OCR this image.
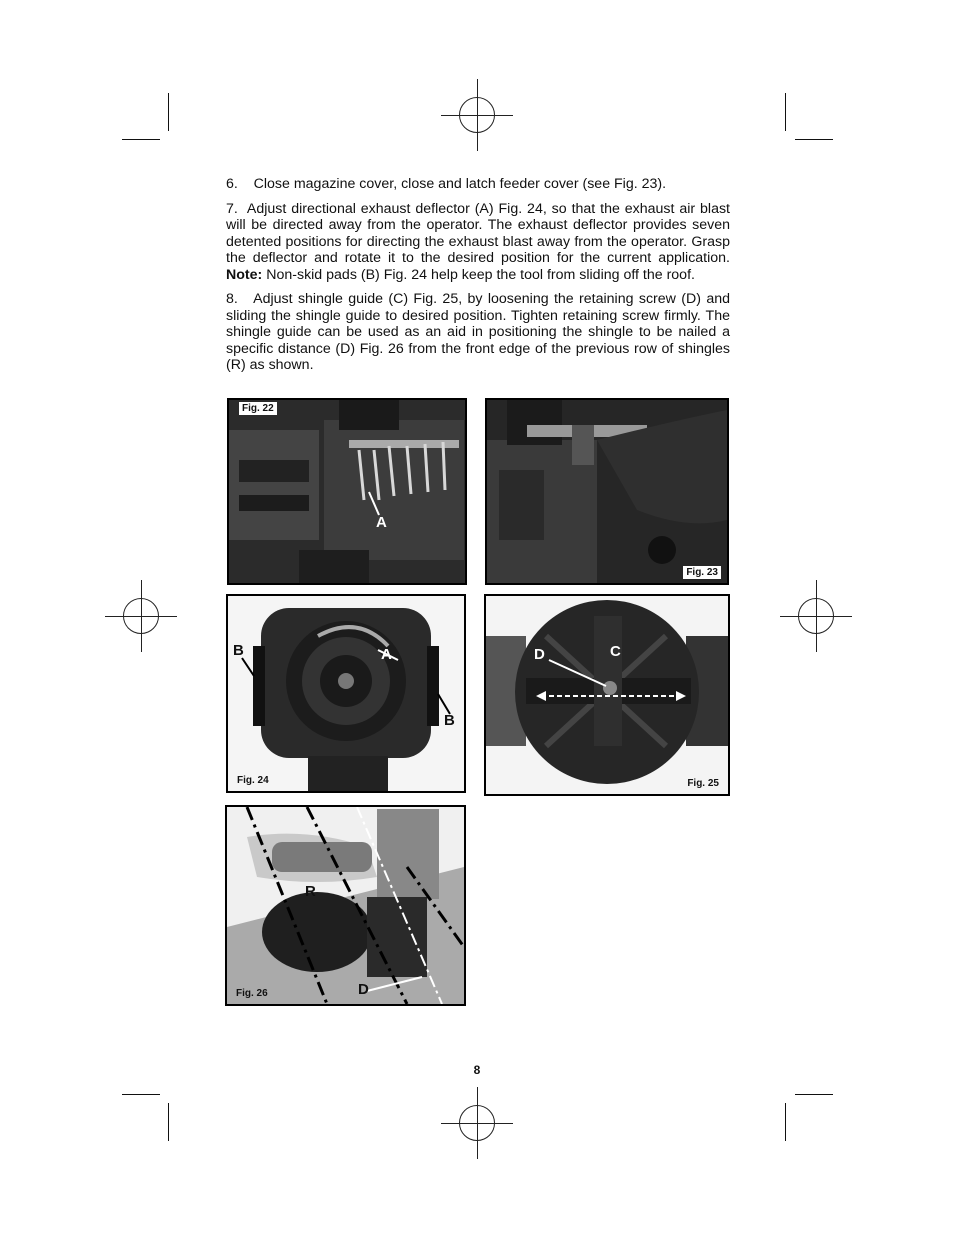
6. Close magazine cover, close and latch feeder cover (see Fig. 23).

7. Adjust directional exhaust deflector (A) Fig. 24, so that the exhaust air blast will be directed away from the operator. The exhaust deflector provides seven detented positions for directing the exhaust blast away from the operator. Grasp the deflector and rotate it to the desired position for the current application. Note: Non-skid pads (B) Fig. 24 help keep the tool from sliding off the roof.

8. Adjust shingle guide (C) Fig. 25, by loosening the retaining screw (D) and sliding the shingle guide to desired position. Tighten retaining screw firmly. The shingle guide can be used as an aid in positioning the shingle to be nailed a specific distance (D) Fig. 26 from the front edge of the previous row of shingles (R) as shown.

Fig. 22
A
Fig. 23
Fig. 24
A
B
B
D	C
Fig. 25
R
D
Fig. 26
8
